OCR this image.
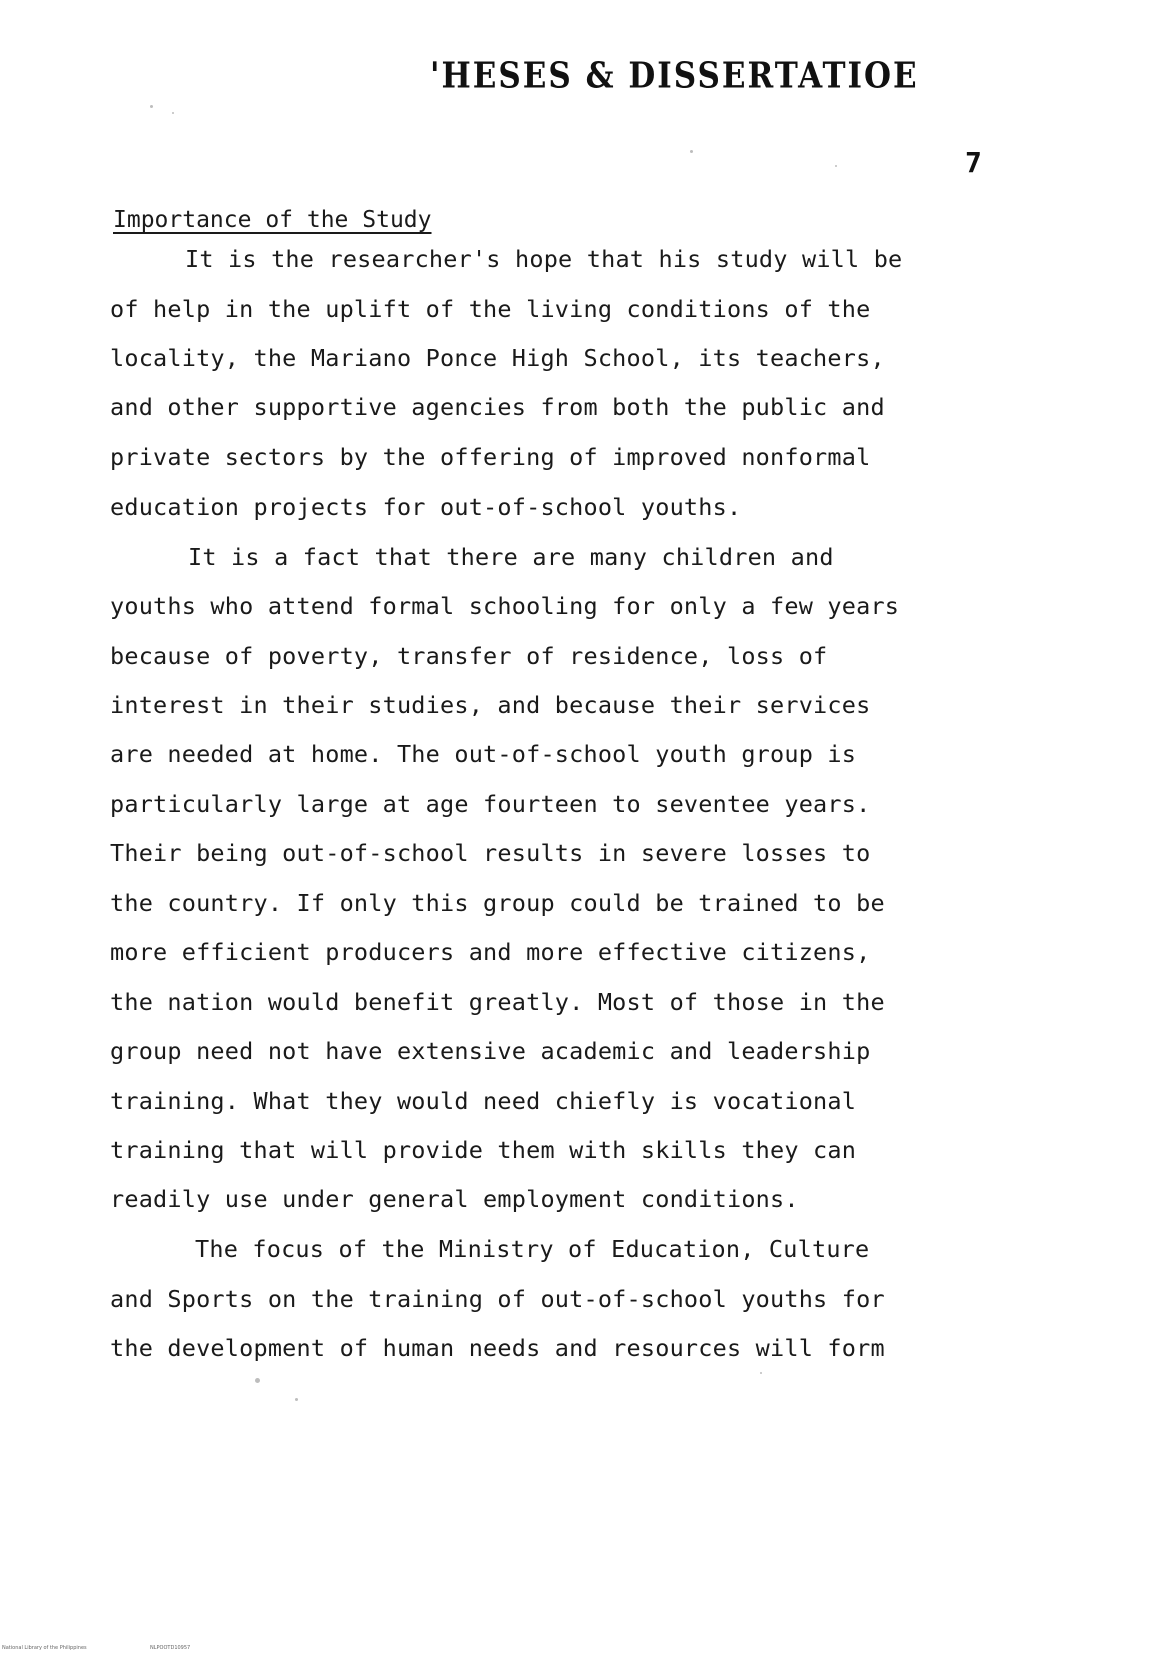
'HESES & DISSERTATIOE
7
Importance of the Study
It is the researcher's hope that his study will be
of help in the uplift of the living conditions of the
locality, the Mariano Ponce High School, its teachers,
and other supportive agencies from both the public and
private sectors by the offering of improved nonformal
education projects for out-of-school youths.
It is a fact that there are many children and
youths who attend formal schooling for only a few years
because of poverty, transfer of residence, loss of
interest in their studies, and because their services
are needed at home. The out-of-school youth group is
particularly large at age fourteen to seventee years.
Their being out-of-school results in severe losses to
the country. If only this group could be trained to be
more efficient producers and more effective citizens,
the nation would benefit greatly. Most of those in the
group need not have extensive academic and leadership
training. What they would need chiefly is vocational
training that will provide them with skills they can
readily use under general employment conditions.
The focus of the Ministry of Education, Culture
and Sports on the training of out-of-school youths for
the development of human needs and resources will form
National Library of the Philippines	NLPOOTD10957
